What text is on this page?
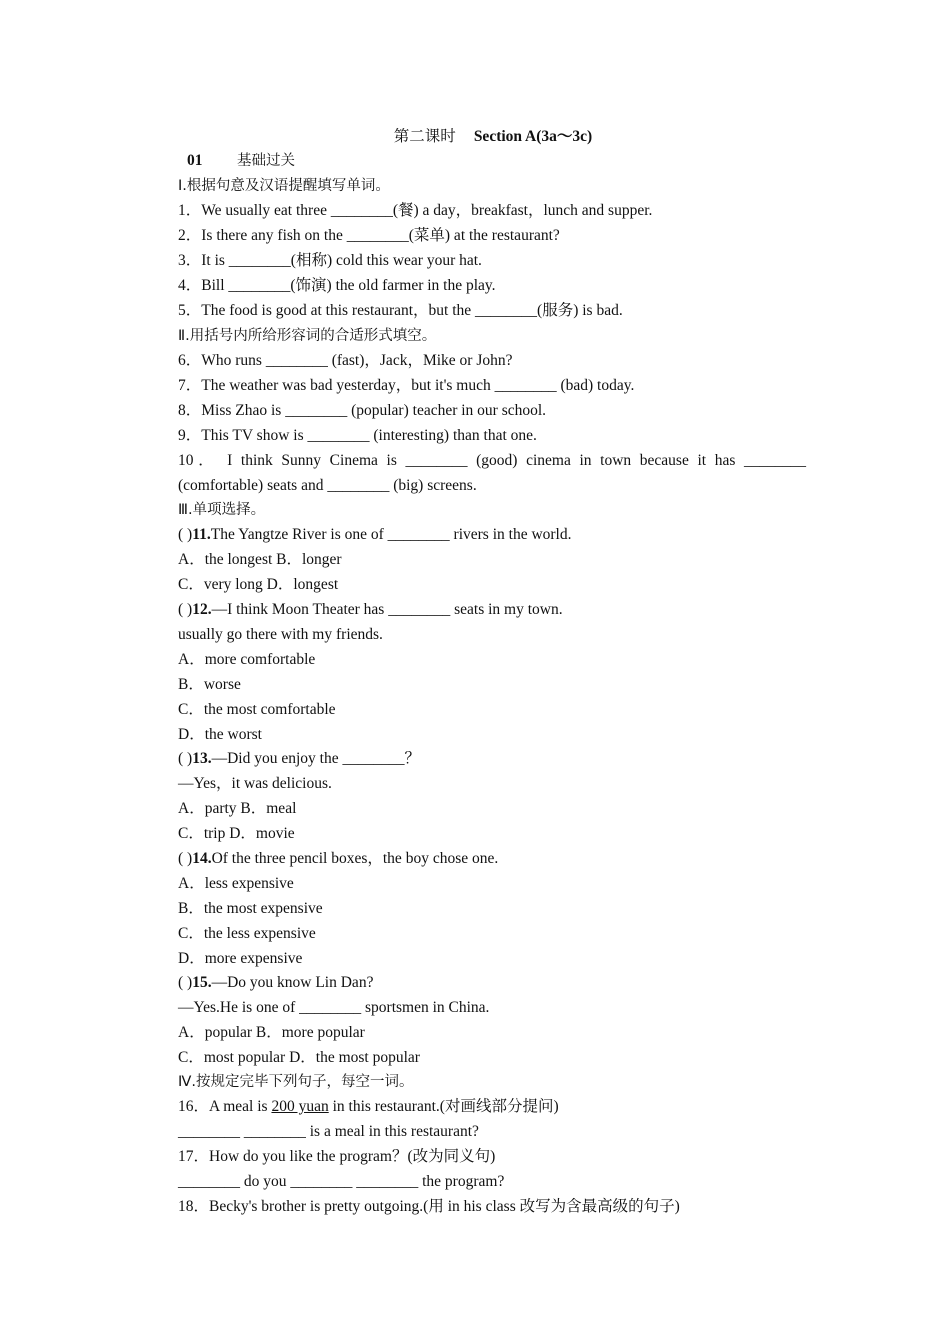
第二课时 Section A(3a～3c)
01 基础过关
Ⅰ.根据句意及汉语提醒填写单词。
1．We usually eat three ________(餐) a day，breakfast，lunch and supper.
2．Is there any fish on the ________(菜单) at the restaurant?
3．It is ________(相称) cold this wear your hat.
4．Bill ________(饰演) the old farmer in the play.
5．The food is good at this restaurant，but the ________(服务) is bad.
Ⅱ.用括号内所给形容词的合适形式填空。
6．Who runs ________ (fast)，Jack，Mike or John?
7．The weather was bad yesterday，but it's much ________ (bad) today.
8．Miss Zhao is ________ (popular) teacher in our school.
9．This TV show is ________ (interesting) than that one.
10． I think Sunny Cinema is ________ (good) cinema in town because it has ________
(comfortable) seats and ________ (big) screens.
Ⅲ.单项选择。
( )11.The Yangtze River is one of ________ rivers in the world.
A．the longest B．longer
C．very long D．longest
( )12.—I think Moon Theater has ________ seats in my town.
usually go there with my friends.
A．more comfortable
B．worse
C．the most comfortable
D．the worst
( )13.—Did you enjoy the ________？
—Yes，it was delicious.
A．party B．meal
C．trip D．movie
( )14.Of the three pencil boxes，the boy chose one.
A．less expensive
B．the most expensive
C．the less expensive
D．more expensive
( )15.—Do you know Lin Dan?
—Yes.He is one of ________ sportsmen in China.
A．popular B．more popular
C．most popular D．the most popular
Ⅳ.按规定完毕下列句子，每空一词。
16．A meal is 200 yuan in this restaurant.(对画线部分提问)
________ ________ is a meal in this restaurant?
17．How do you like the program？(改为同义句)
________ do you ________ ________ the program?
18．Becky's brother is pretty outgoing.(用 in his class 改写为含最高级的句子)
